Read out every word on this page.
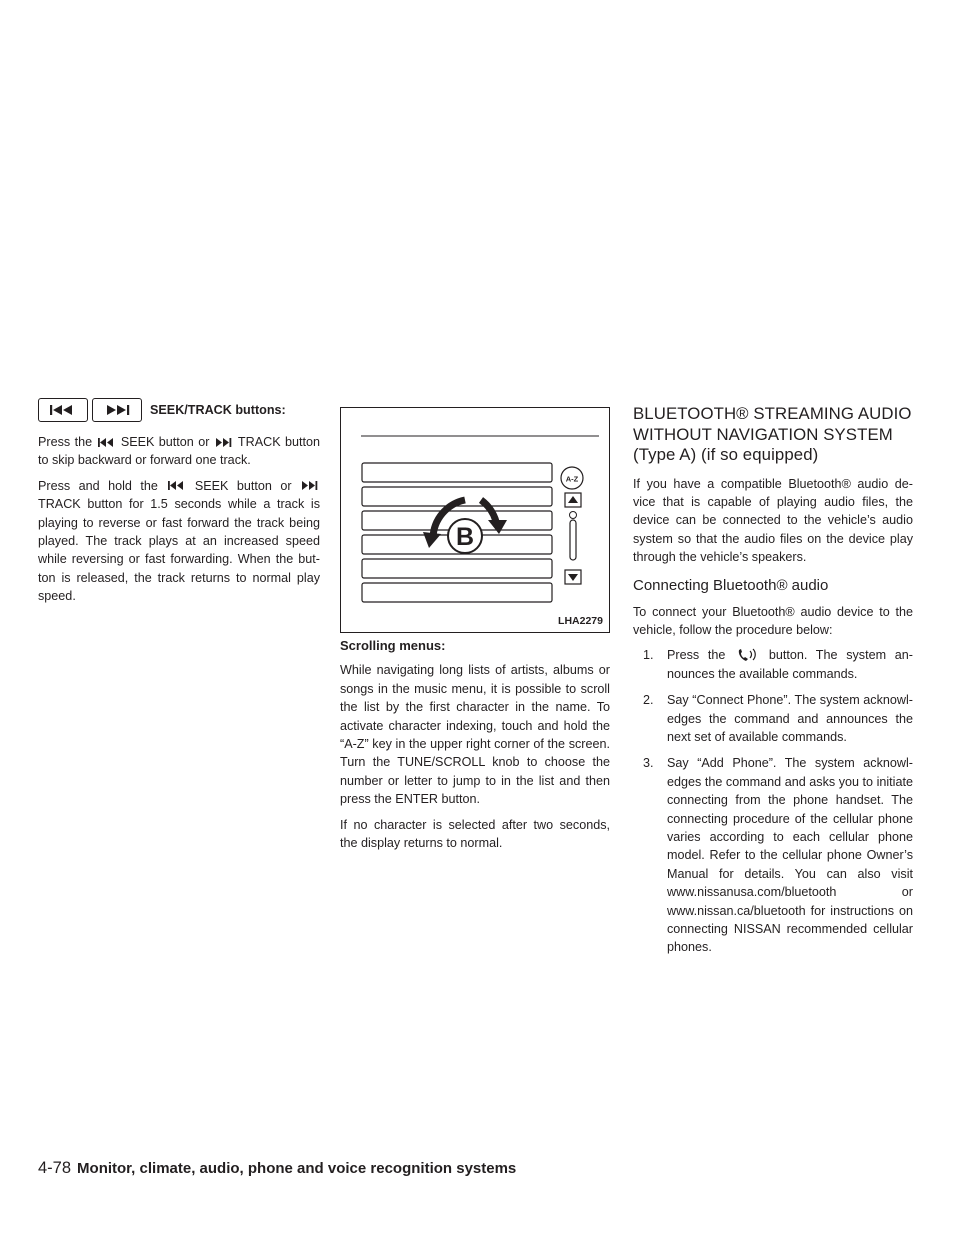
SEEK/TRACK buttons:

Press the SEEK button or TRACK button to skip backward or forward one track.

Press and hold the	SEEK button or  TRACK button for 1.5 seconds while a track is playing to reverse or fast forward the track being played. The track plays at an increased speed while reversing or fast forwarding. When the but- ton is released, the track returns to normal play speed.

A-Z
B
LHA2279
Scrolling menus:

While navigating long lists of artists, albums or songs in the music menu, it is possible to scroll the list by the first character in the name. To activate character indexing, touch and hold the “A-Z” key in the upper right corner of the screen. Turn the TUNE/SCROLL knob to choose the number or letter to jump to in the list and then press the ENTER button.

If no character is selected after two seconds, the display returns to normal.

BLUETOOTH® STREAMING AUDIO WITHOUT NAVIGATION SYSTEM (Type A) (if so equipped)

If you have a compatible Bluetooth® audio de- vice that is capable of playing audio files, the device can be connected to the vehicle’s audio system so that the audio files on the device play through the vehicle’s speakers.

Connecting Bluetooth® audio

To connect your Bluetooth® audio device to the vehicle, follow the procedure below:

1. Press the	button. The system an- nounces the available commands.
2. Say “Connect Phone”. The system acknowl- edges the command and announces the next set of available commands.
3. Say “Add Phone”. The system acknowl- edges the command and asks you to initiate connecting from the phone handset. The connecting procedure of the cellular phone varies according to each cellular phone model. Refer to the cellular phone Owner’s Manual for details. You can also visit www.nissanusa.com/bluetooth or www.nissan.ca/bluetooth for instructions on connecting NISSAN recommended cellular phones.
4-78 Monitor, climate, audio, phone and voice recognition systems
